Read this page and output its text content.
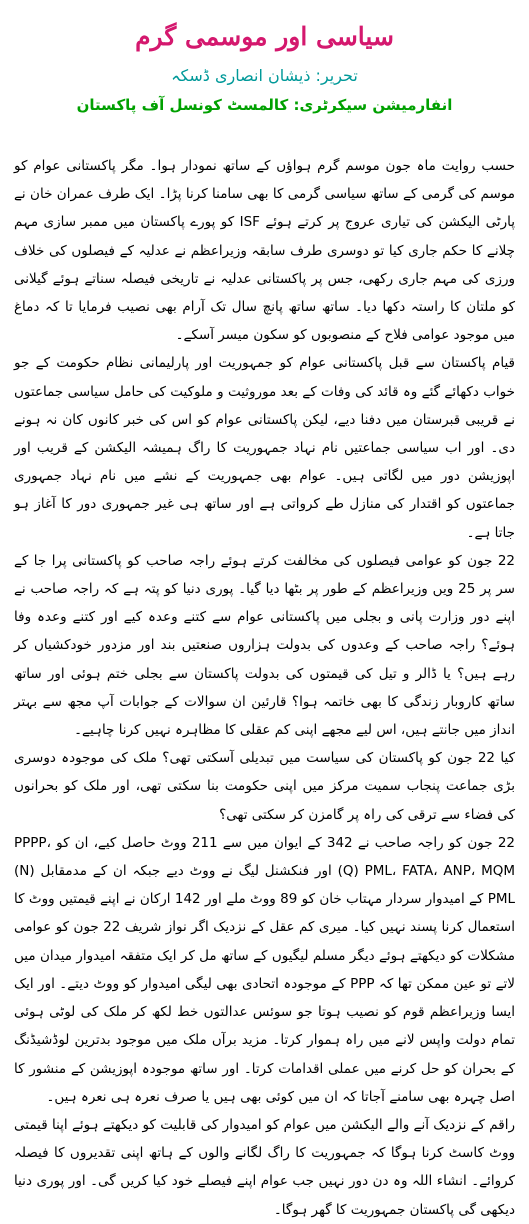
سیاسی اور موسمی گرم
تحریر: ذیشان انصاری ڈسکہ
انفارمیشن سیکرٹری: کالمسٹ کونسل آف پاکستان

حسب روایت ماہ جون موسم گرم ہواؤں کے ساتھ نمودار ہوا۔ مگر پاکستانی عوام کو موسم کی گرمی کے ساتھ سیاسی گرمی کا بھی سامنا کرنا پڑا۔ ایک طرف عمران خان نے پارٹی الیکشن کی تیاری عروج پر کرتے ہوئے ISF کو پورے پاکستان میں ممبر سازی مہم چلانے کا حکم جاری کیا تو دوسری طرف سابقہ وزیراعظم نے عدلیہ کے فیصلوں کی خلاف ورزی کی مہم جاری رکھی، جس پر پاکستانی عدلیہ نے تاریخی فیصلہ سناتے ہوئے گیلانی کو ملتان کا راستہ دکھا دیا۔ ساتھ ساتھ پانچ سال تک آرام بھی نصیب فرمایا تا کہ دماغ میں موجود عوامی فلاح کے منصوبوں کو سکون میسر آسکے۔

قیام پاکستان سے قبل پاکستانی عوام کو جمہوریت اور پارلیمانی نظام حکومت کے جو خواب دکھائے گئے وہ قائد کی وفات کے بعد موروثیت و ملوکیت کی حامل سیاسی جماعتوں نے قریبی قبرستان میں دفنا دیے، لیکن پاکستانی عوام کو اس کی خبر کانوں کان نہ ہونے دی۔ اور اب سیاسی جماعتیں نام نہاد جمہوریت کا راگ ہمیشہ الیکشن کے قریب اور اپوزیشن دور میں لگاتی ہیں۔ عوام بھی جمہوریت کے نشے میں نام نہاد جمہوری جماعتوں کو اقتدار کی منازل طے کرواتی ہے اور ساتھ ہی غیر جمہوری دور کا آغاز ہو جاتا ہے۔

22 جون کو عوامی فیصلوں کی مخالفت کرتے ہوئے راجہ صاحب کو پاکستانی پرا جا کے سر پر 25 ویں وزیراعظم کے طور پر بٹھا دیا گیا۔ پوری دنیا کو پتہ ہے کہ راجہ صاحب نے اپنے دور وزارت پانی و بجلی میں پاکستانی عوام سے کتنے وعدہ کیے اور کتنے وعدہ وفا ہوئے؟ راجہ صاحب کے وعدوں کی بدولت ہزاروں صنعتیں بند اور مزدور خودکشیاں کر رہے ہیں؟ یا ڈالر و تیل کی قیمتوں کی بدولت پاکستان سے بجلی ختم ہوئی اور ساتھ ساتھ کاروبار زندگی کا بھی خاتمہ ہوا؟ قارئین ان سوالات کے جوابات آپ مجھ سے بہتر انداز میں جانتے ہیں، اس لیے مجھے اپنی کم عقلی کا مظاہرہ نہیں کرنا چاہیے۔

کیا 22 جون کو پاکستان کی سیاست میں تبدیلی آسکتی تھی؟ ملک کی موجودہ دوسری بڑی جماعت پنجاب سمیت مرکز میں اپنی حکومت بنا سکتی تھی، اور ملک کو بحرانوں کی فضاء سے ترقی کی راہ پر گامزن کر سکتی تھی؟

22 جون کو راجہ صاحب نے 342 کے ایوان میں سے 211 ووٹ حاصل کیے، ان کو PPPP، (Q) PML، FATA، ANP، MQM اور فنکشنل لیگ نے ووٹ دیے جبکہ ان کے مدمقابل (N) PML کے امیدوار سردار مہتاب خان کو 89 ووٹ ملے اور 142 ارکان نے اپنے قیمتیں ووٹ کا استعمال کرنا پسند نہیں کیا۔ میری کم عقل کے نزدیک اگر نواز شریف 22 جون کو عوامی مشکلات کو دیکھتے ہوئے دیگر مسلم لیگیوں کے ساتھ مل کر ایک متفقہ امیدوار میدان میں لاتے تو عین ممکن تھا کہ PPP کے موجودہ اتحادی بھی لیگی امیدوار کو ووٹ دیتے۔ اور ایک ایسا وزیراعظم قوم کو نصیب ہوتا جو سوئس عدالتوں خط لکھ کر ملک کی لوٹی ہوئی تمام دولت واپس لانے میں راہ ہموار کرتا۔ مزید برآں ملک میں موجود بدترین لوڈشیڈنگ کے بحران کو حل کرنے میں عملی اقدامات کرتا۔ اور ساتھ موجودہ اپوزیشن کے منشور کا اصل چہرہ بھی سامنے آجاتا کہ ان میں کوئی بھی ہیں یا صرف نعرہ ہی نعرہ ہیں۔

راقم کے نزدیک آنے والے الیکشن میں عوام کو امیدوار کی قابلیت کو دیکھتے ہوئے اپنا قیمتی ووٹ کاسٹ کرنا ہوگا کہ جمہوریت کا راگ لگانے والوں کے ہاتھ اپنی تقدیروں کا فیصلہ کروائے۔ انشاء اللہ وہ دن دور نہیں جب عوام اپنے فیصلے خود کیا کریں گی۔ اور پوری دنیا دیکھی گی پاکستان جمہوریت کا گھر ہوگا۔
